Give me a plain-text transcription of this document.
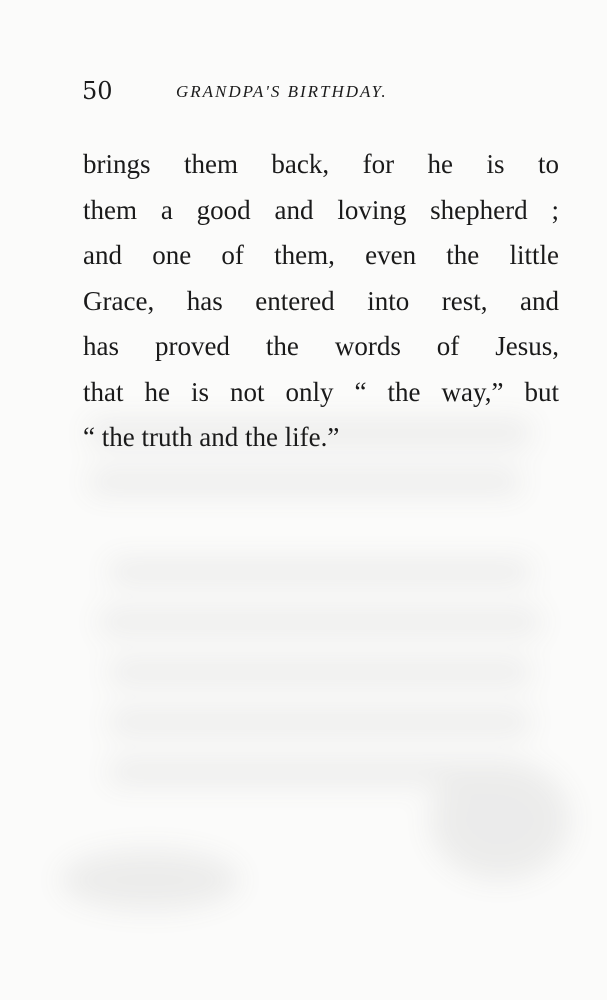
50	GRANDPA'S BIRTHDAY.

brings them back, for he is to
them a good and loving shepherd ;
and one of them, even the little
Grace, has entered into rest, and
has proved the words of Jesus,
that he is not only “ the way,” but
“ the truth and the life.”
